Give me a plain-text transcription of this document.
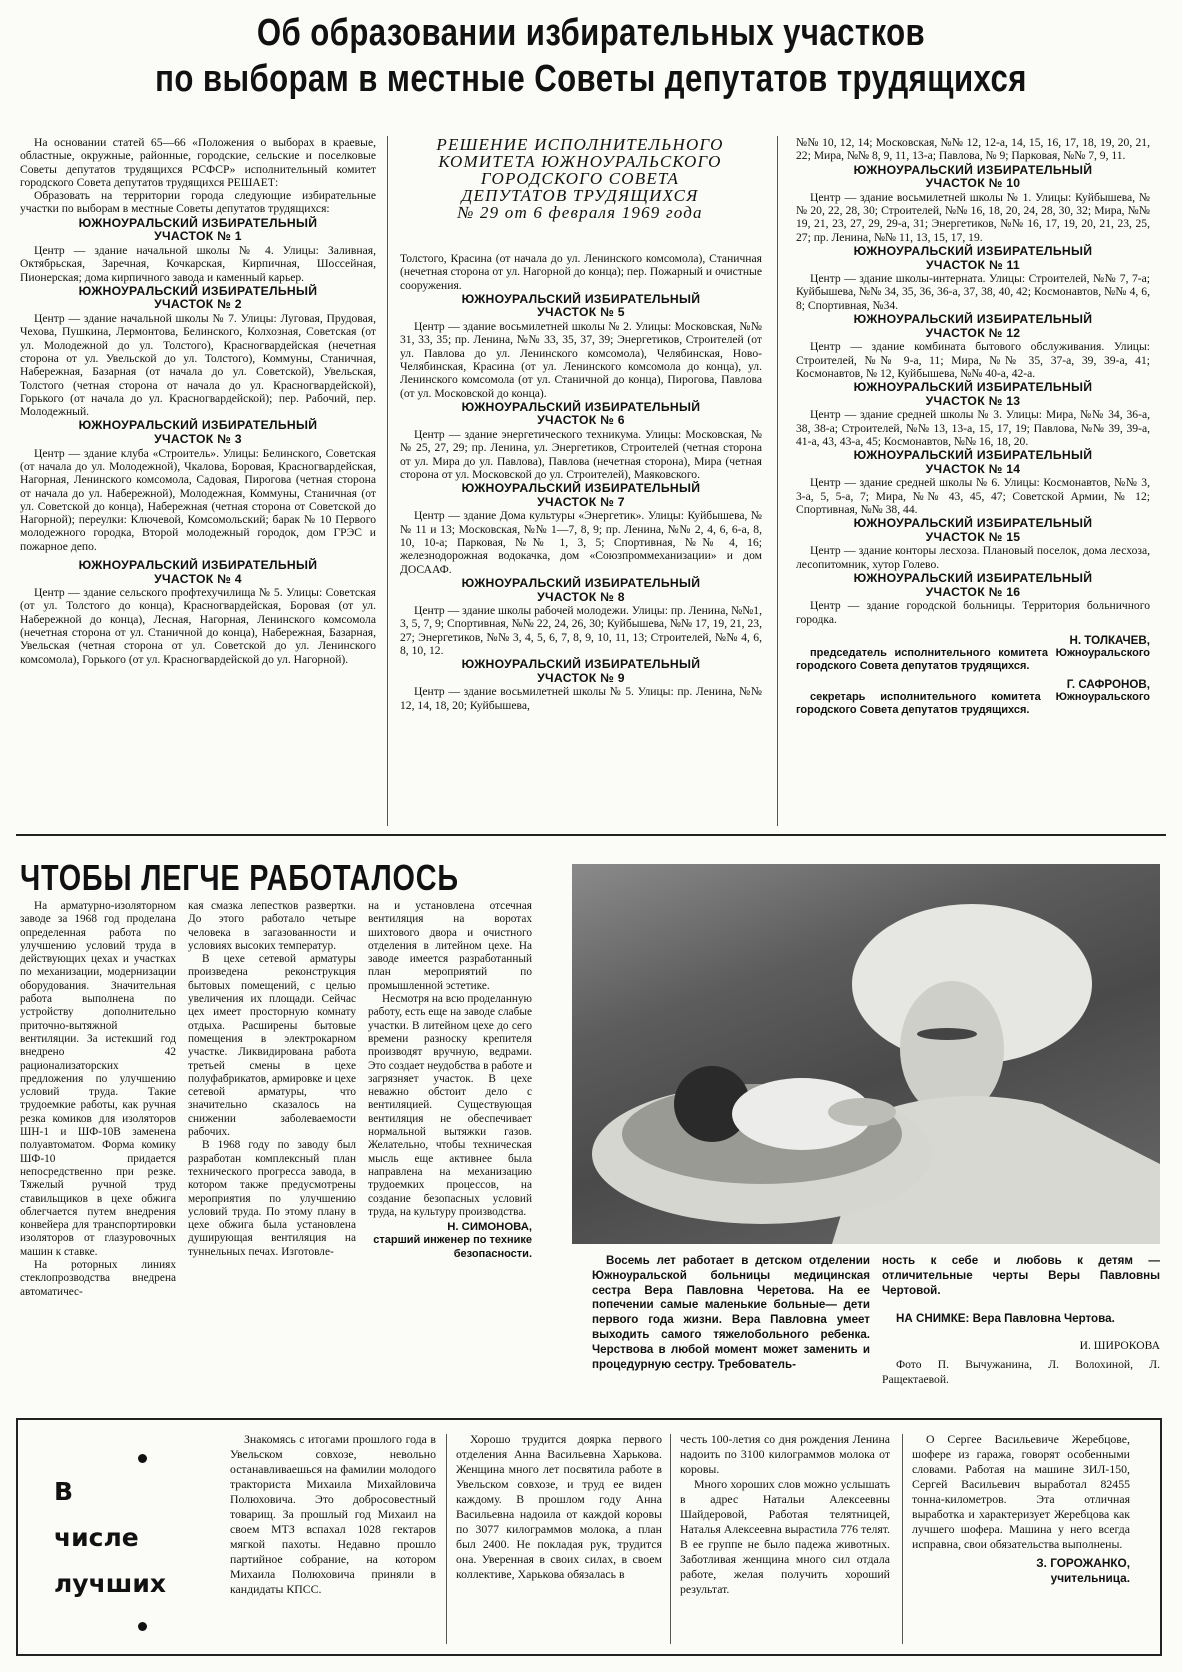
Об образовании избирательных участков
по выборам в местные Советы депутатов трудящихся

На основании статей 65—66 «Положения о выборах в краевые, областные, окружные, районные, городские, сельские и поселковые Советы депутатов трудящихся РСФСР» исполнительный комитет городского Совета депутатов трудящихся РЕШАЕТ:

Образовать на территории города следующие избирательные участки по выборам в местные Советы депутатов трудящихся:

ЮЖНОУРАЛЬСКИЙ ИЗБИРАТЕЛЬНЫЙ
УЧАСТОК № 1

Центр — здание начальной школы № 4. Улицы: Заливная, Октябрьская, Заречная, Кочкарская, Кирпичная, Шоссейная, Пионерская; дома кирпичного завода и каменный карьер.

ЮЖНОУРАЛЬСКИЙ ИЗБИРАТЕЛЬНЫЙ
УЧАСТОК № 2

Центр — здание начальной школы № 7. Улицы: Луговая, Прудовая, Чехова, Пушкина, Лермонтова, Белинского, Колхозная, Советская (от ул. Молодежной до ул. Толстого), Красногвардейская (нечетная сторона от ул. Увельской до ул. Толстого), Коммуны, Станичная, Набережная, Базарная (от начала до ул. Советской), Увельская, Толстого (четная сторона от начала до ул. Красногвардейской), Горького (от начала до ул. Красногвардейской); пер. Рабочий, пер. Молодежный.

ЮЖНОУРАЛЬСКИЙ ИЗБИРАТЕЛЬНЫЙ
УЧАСТОК № 3

Центр — здание клуба «Строитель». Улицы: Белинского, Советская (от начала до ул. Молодежной), Чкалова, Боровая, Красногвардейская, Нагорная, Ленинского комсомола, Садовая, Пирогова (четная сторона от начала до ул. Набережной), Молодежная, Коммуны, Станичная (от ул. Советской до конца), Набережная (четная сторона от Советской до Нагорной); переулки: Ключевой, Комсомольский; барак № 10 Первого молодежного городка, Второй молодежный городок, дом ГРЭС и пожарное депо.

ЮЖНОУРАЛЬСКИЙ ИЗБИРАТЕЛЬНЫЙ
УЧАСТОК № 4

Центр — здание сельского профтехучилища № 5. Улицы: Советская (от ул. Толстого до конца), Красногвардейская, Боровая (от ул. Набережной до конца), Лесная, Нагорная, Ленинского комсомола (нечетная сторона от ул. Станичной до конца), Набережная, Базарная, Увельская (четная сторона от ул. Советской до ул. Ленинского комсомола), Горького (от ул. Красногвардейской до ул. Нагорной).

РЕШЕНИЕ ИСПОЛНИТЕЛЬНОГО
КОМИТЕТА ЮЖНОУРАЛЬСКОГО
ГОРОДСКОГО СОВЕТА
ДЕПУТАТОВ ТРУДЯЩИХСЯ
№ 29 от 6 февраля 1969 года

Толстого, Красина (от начала до ул. Ленинского комсомола), Станичная (нечетная сторона от ул. Нагорной до конца); пер. Пожарный и очистные сооружения.

ЮЖНОУРАЛЬСКИЙ ИЗБИРАТЕЛЬНЫЙ
УЧАСТОК № 5

Центр — здание восьмилетней школы № 2. Улицы: Московская, №№ 31, 33, 35; пр. Ленина, №№ 33, 35, 37, 39; Энергетиков, Строителей (от ул. Павлова до ул. Ленинского комсомола), Челябинская, Ново-Челябинская, Красина (от ул. Ленинского комсомола до конца), ул. Ленинского комсомола (от ул. Станичной до конца), Пирогова, Павлова (от ул. Московской до конца).

ЮЖНОУРАЛЬСКИЙ ИЗБИРАТЕЛЬНЫЙ
УЧАСТОК № 6

Центр — здание энергетического техникума. Улицы: Московская, №№ 25, 27, 29; пр. Ленина, ул. Энергетиков, Строителей (четная сторона от ул. Мира до ул. Павлова), Павлова (нечетная сторона), Мира (четная сторона от ул. Московской до ул. Строителей), Маяковского.

ЮЖНОУРАЛЬСКИЙ ИЗБИРАТЕЛЬНЫЙ
УЧАСТОК № 7

Центр — здание Дома культуры «Энергетик». Улицы: Куйбышева, №№ 11 и 13; Московская, №№ 1—7, 8, 9; пр. Ленина, №№ 2, 4, 6, 6-а, 8, 10, 10-а; Парковая, №№ 1, 3, 5; Спортивная, №№ 4, 16; железнодорожная водокачка, дом «Союзпроммеханизации» и дом ДОСААФ.

ЮЖНОУРАЛЬСКИЙ ИЗБИРАТЕЛЬНЫЙ
УЧАСТОК № 8

Центр — здание школы рабочей молодежи. Улицы: пр. Ленина, №№1, 3, 5, 7, 9; Спортивная, №№ 22, 24, 26, 30; Куйбышева, №№ 17, 19, 21, 23, 27; Энергетиков, №№ 3, 4, 5, 6, 7, 8, 9, 10, 11, 13; Строителей, №№ 4, 6, 8, 10, 12.

ЮЖНОУРАЛЬСКИЙ ИЗБИРАТЕЛЬНЫЙ
УЧАСТОК № 9

Центр — здание восьмилетней школы № 5. Улицы: пр. Ленина, №№ 12, 14, 18, 20; Куйбышева,

№№ 10, 12, 14; Московская, №№ 12, 12-а, 14, 15, 16, 17, 18, 19, 20, 21, 22; Мира, №№ 8, 9, 11, 13-а; Павлова, № 9; Парковая, №№ 7, 9, 11.

ЮЖНОУРАЛЬСКИЙ ИЗБИРАТЕЛЬНЫЙ
УЧАСТОК № 10

Центр — здание восьмилетней школы № 1. Улицы: Куйбышева, №№ 20, 22, 28, 30; Строителей, №№ 16, 18, 20, 24, 28, 30, 32; Мира, №№ 19, 21, 23, 27, 29, 29-а, 31; Энергетиков, №№ 16, 17, 19, 20, 21, 23, 25, 27; пр. Ленина, №№ 11, 13, 15, 17, 19.

ЮЖНОУРАЛЬСКИЙ ИЗБИРАТЕЛЬНЫЙ
УЧАСТОК № 11

Центр — здание школы-интерната. Улицы: Строителей, №№ 7, 7-а; Куйбышева, №№ 34, 35, 36, 36-а, 37, 38, 40, 42; Космонавтов, №№ 4, 6, 8; Спортивная, №34.

ЮЖНОУРАЛЬСКИЙ ИЗБИРАТЕЛЬНЫЙ
УЧАСТОК № 12

Центр — здание комбината бытового обслуживания. Улицы: Строителей, №№ 9-а, 11; Мира, №№ 35, 37-а, 39, 39-а, 41; Космонавтов, № 12, Куйбышева, №№ 40-а, 42-а.

ЮЖНОУРАЛЬСКИЙ ИЗБИРАТЕЛЬНЫЙ
УЧАСТОК № 13

Центр — здание средней школы № 3. Улицы: Мира, №№ 34, 36-а, 38, 38-а; Строителей, №№ 13, 13-а, 15, 17, 19; Павлова, №№ 39, 39-а, 41-а, 43, 43-а, 45; Космонавтов, №№ 16, 18, 20.

ЮЖНОУРАЛЬСКИЙ ИЗБИРАТЕЛЬНЫЙ
УЧАСТОК № 14

Центр — здание средней школы № 6. Улицы: Космонавтов, №№ 3, 3-а, 5, 5-а, 7; Мира, №№ 43, 45, 47; Советской Армии, № 12; Спортивная, №№ 38, 44.

ЮЖНОУРАЛЬСКИЙ ИЗБИРАТЕЛЬНЫЙ
УЧАСТОК № 15

Центр — здание конторы лесхоза. Плановый поселок, дома лесхоза, лесопитомник, хутор Голево.

ЮЖНОУРАЛЬСКИЙ ИЗБИРАТЕЛЬНЫЙ
УЧАСТОК № 16

Центр — здание городской больницы. Территория больничного городка.

Н. ТОЛКАЧЕВ,

председатель исполнительного комитета Южноуральского городского Совета депутатов трудящихся.

Г. САФРОНОВ,

секретарь исполнительного комитета Южноуральского городского Совета депутатов трудящихся.

ЧТОБЫ ЛЕГЧЕ РАБОТАЛОСЬ

На арматурно-изоляторном заводе за 1968 год проделана определенная работа по улучшению условий труда в действующих цехах и участках по механизации, модернизации оборудования. Значительная работа выполнена по устройству дополнительно приточно-вытяжной вентиляции. За истекший год внедрено 42 рационализаторских предложения по улучшению условий труда. Такие трудоемкие работы, как ручная резка комиков для изоляторов ШН-1 и ШФ-10В заменена полуавтоматом. Форма комику ШФ-10 придается непосредственно при резке. Тяжелый ручной труд ставильщиков в цехе обжига облегчается путем внедрения конвейера для транспортировки изоляторов от глазуровочных машин к ставке.

На роторных линиях стеклопрозводства внедрена автоматичес-

кая смазка лепестков развертки. До этого работало четыре человека в загазованности и условиях высоких температур.

В цехе сетевой арматуры произведена реконструкция бытовых помещений, с целью увеличения их площади. Сейчас цех имеет просторную комнату отдыха. Расширены бытовые помещения в электрокарном участке. Ликвидирована работа третьей смены в цехе полуфабрикатов, армировке и цехе сетевой арматуры, что значительно сказалось на снижении заболеваемости рабочих.

В 1968 году по заводу был разработан комплексный план технического прогресса завода, в котором также предусмотрены мероприятия по улучшению условий труда. По этому плану в цехе обжига была установлена душирующая вентиляция на туннельных печах. Изготовле-

на и установлена отсечная вентиляция на воротах шихтового двора и очистного отделения в литейном цехе. На заводе имеется разработанный план мероприятий по промышленной эстетике.

Несмотря на всю проделанную работу, есть еще на заводе слабые участки. В литейном цехе до сего времени разноску крепителя производят вручную, ведрами. Это создает неудобства в работе и загрязняет участок. В цехе неважно обстоит дело с вентиляцией. Существующая вентиляция не обеспечивает нормальной вытяжки газов. Желательно, чтобы техническая мысль еще активнее была направлена на механизацию трудоемких процессов, на создание безопасных условий труда, на культуру производства.

Н. СИМОНОВА,
старший инженер по технике безопасности.
Восемь лет работает в детском отделении Южноуральской больницы медицинская сестра Вера Павловна Черетова. На ее попечении самые маленькие больные— дети первого года жизни. Вера Павловна умеет выходить самого тяжелобольного ребенка. Черствова в любой момент может заменить и процедурную сестру. Требователь-
ность к себе и любовь к детям — отличительные черты Веры Павловны Чертовой.
НА СНИМКЕ: Вера Павловна Чертова.
И. ШИРОКОВА
Фото П. Вычужанина, Л. Волохиной, Л. Ращектаевой.
В
числе
лучших

Знакомясь с итогами прошлого года в Увельском совхозе, невольно останавливаешься на фамилии молодого тракториста Михаила Михайловича Полюховича. Это добросовестный товарищ. За прошлый год Михаил на своем МТЗ вспахал 1028 гектаров мягкой пахоты. Недавно прошло партийное собрание, на котором Михаила Полюховича приняли в кандидаты КПСС.

Хорошо трудится доярка первого отделения Анна Васильевна Харькова. Женщина много лет посвятила работе в Увельском совхозе, и труд ее виден каждому. В прошлом году Анна Васильевна надоила от каждой коровы по 3077 килограммов молока, а план был 2400. Не покладая рук, трудится она. Уверенная в своих силах, в своем коллективе, Харькова обязалась в

честь 100-летия со дня рождения Ленина надоить по 3100 килограммов молока от коровы.

Много хороших слов можно услышать в адрес Натальи Алексеевны Шайдеровой, Работая телятницей, Наталья Алексеевна вырастила 776 телят. В ее группе не было падежа животных. Заботливая женщина много сил отдала работе, желая получить хороший результат.

О Сергее Васильевиче Жеребцове, шофере из гаража, говорят особенными словами. Работая на машине ЗИЛ-150, Сергей Васильевич выработал 82455 тонна-километров. Эта отличная выработка и характеризует Жеребцова как лучшего шофера. Машина у него всегда исправна, свои обязательства выполнены.

З. ГОРОЖАНКО,
учительница.
